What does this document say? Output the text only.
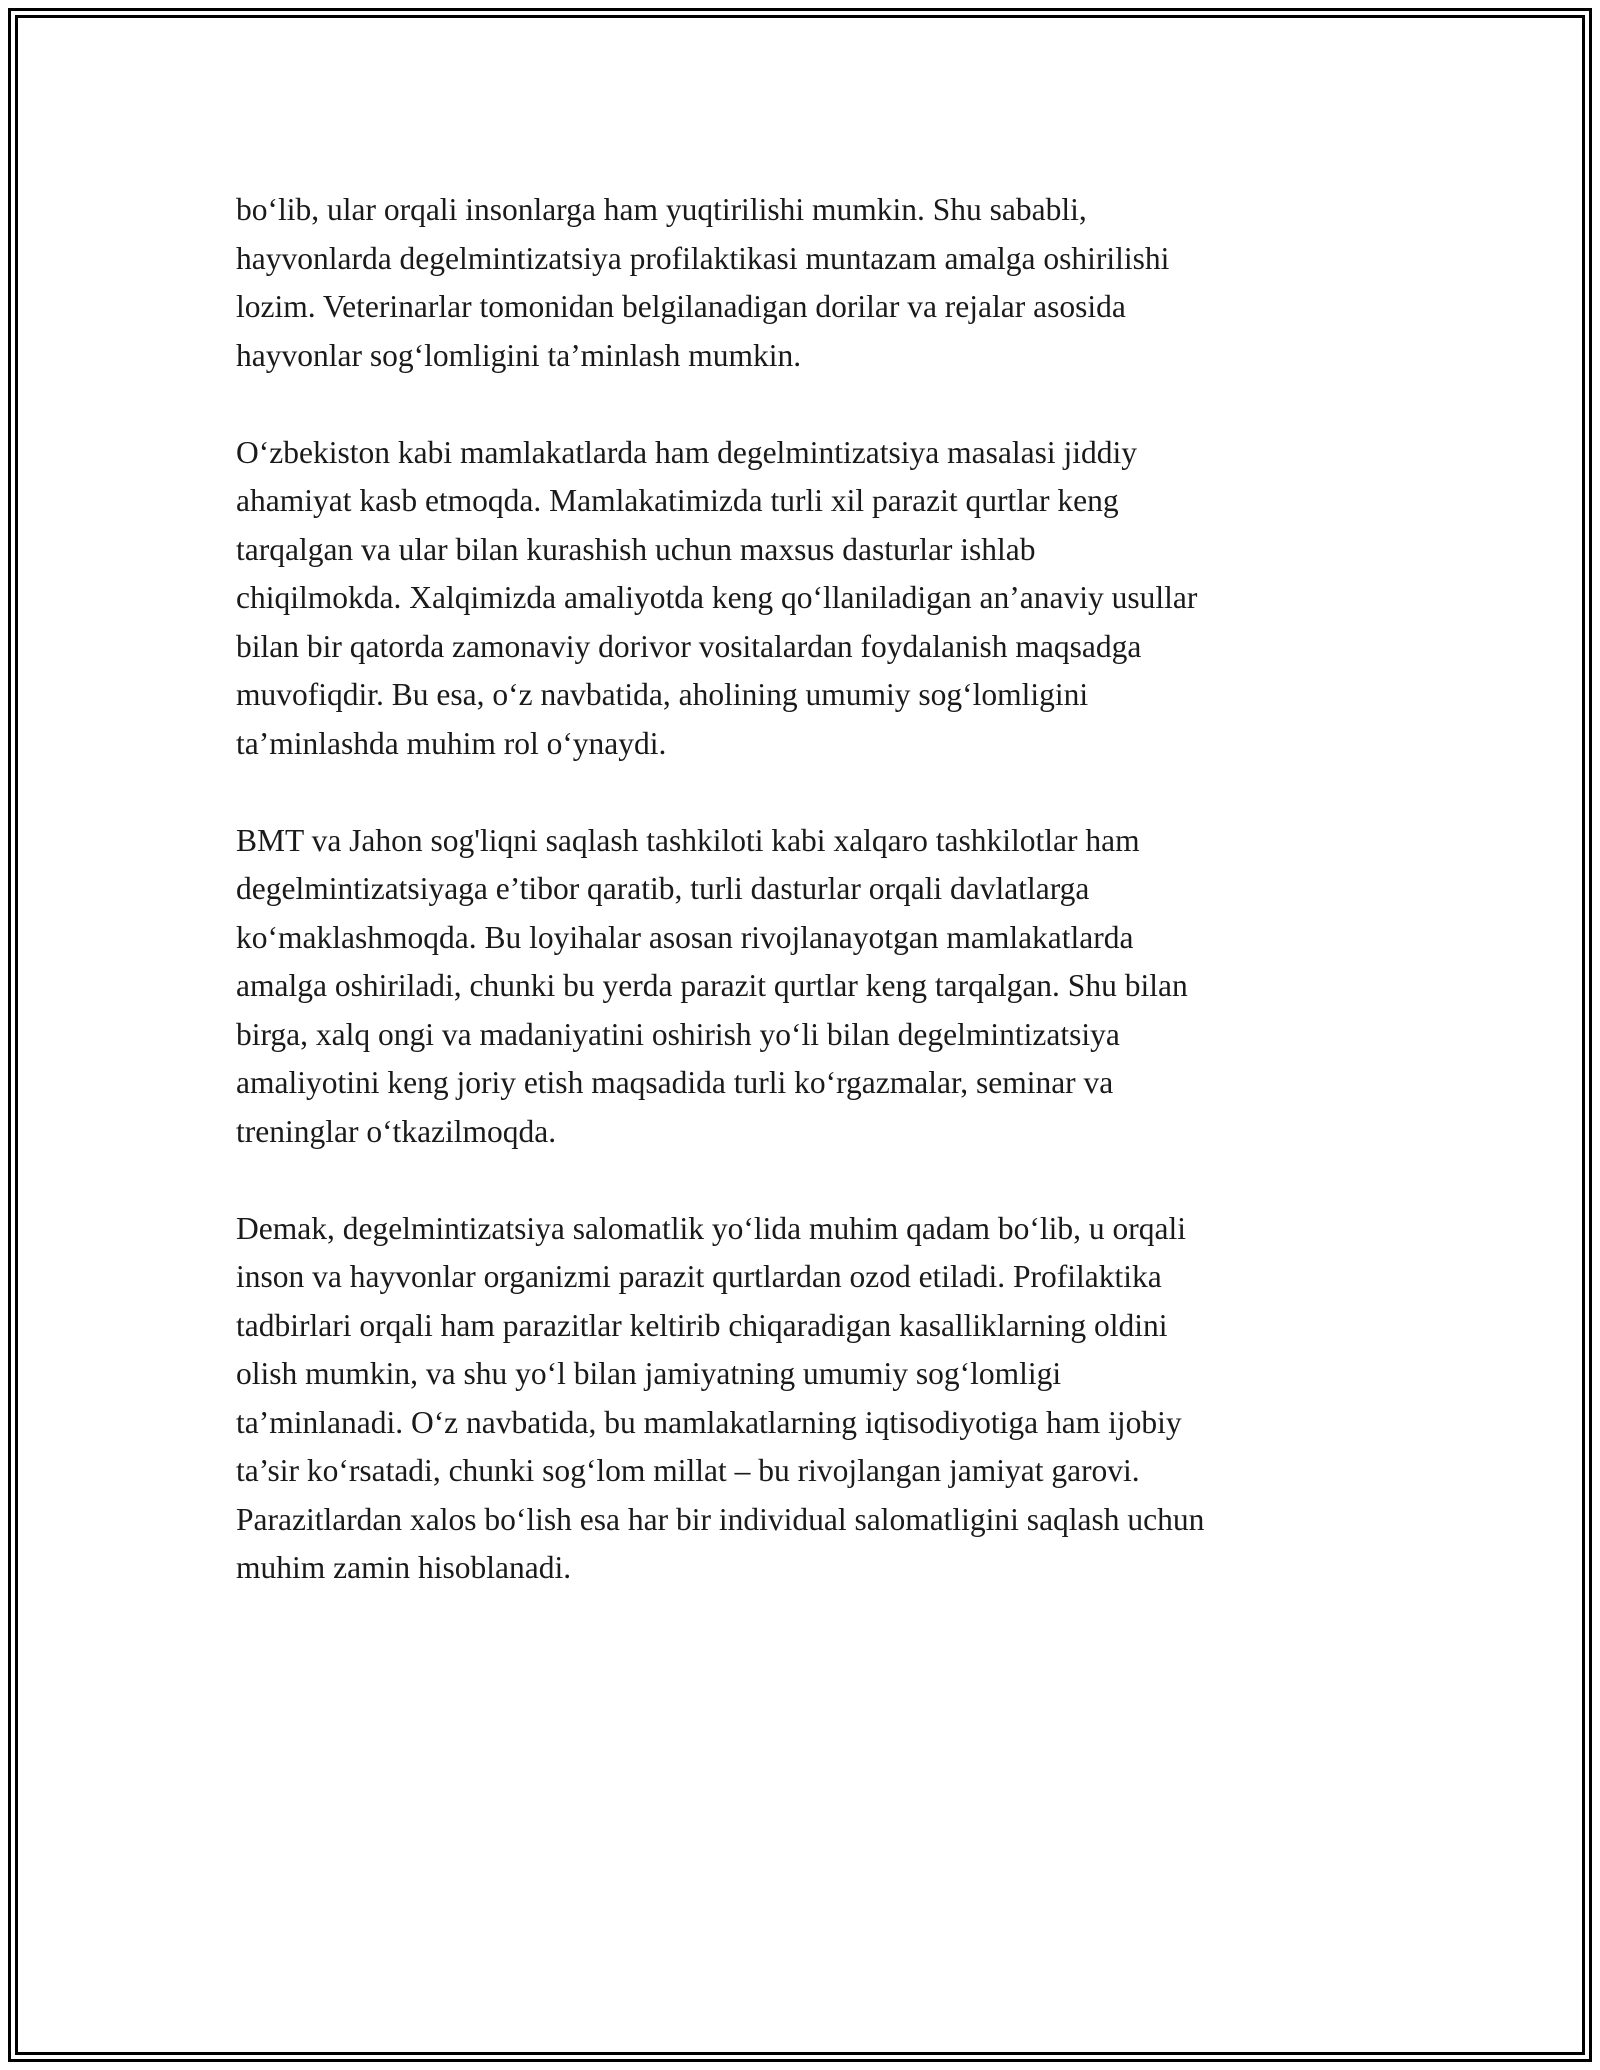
bo‘lib, ular orqali insonlarga ham yuqtirilishi mumkin. Shu sababli,
hayvonlarda degelmintizatsiya profilaktikasi muntazam amalga oshirilishi
lozim. Veterinarlar tomonidan belgilanadigan dorilar va rejalar asosida
hayvonlar sog‘lomligini ta’minlash mumkin.

O‘zbekiston kabi mamlakatlarda ham degelmintizatsiya masalasi jiddiy
ahamiyat kasb etmoqda. Mamlakatimizda turli xil parazit qurtlar keng
tarqalgan va ular bilan kurashish uchun maxsus dasturlar ishlab
chiqilmokda. Xalqimizda amaliyotda keng qo‘llaniladigan an’anaviy usullar
bilan bir qatorda zamonaviy dorivor vositalardan foydalanish maqsadga
muvofiqdir. Bu esa, o‘z navbatida, aholining umumiy sog‘lomligini
ta’minlashda muhim rol o‘ynaydi.

BMT va Jahon sog'liqni saqlash tashkiloti kabi xalqaro tashkilotlar ham
degelmintizatsiyaga e’tibor qaratib, turli dasturlar orqali davlatlarga
ko‘maklashmoqda. Bu loyihalar asosan rivojlanayotgan mamlakatlarda
amalga oshiriladi, chunki bu yerda parazit qurtlar keng tarqalgan. Shu bilan
birga, xalq ongi va madaniyatini oshirish yo‘li bilan degelmintizatsiya
amaliyotini keng joriy etish maqsadida turli ko‘rgazmalar, seminar va
treninglar o‘tkazilmoqda.

Demak, degelmintizatsiya salomatlik yo‘lida muhim qadam bo‘lib, u orqali
inson va hayvonlar organizmi parazit qurtlardan ozod etiladi. Profilaktika
tadbirlari orqali ham parazitlar keltirib chiqaradigan kasalliklarning oldini
olish mumkin, va shu yo‘l bilan jamiyatning umumiy sog‘lomligi
ta’minlanadi. O‘z navbatida, bu mamlakatlarning iqtisodiyotiga ham ijobiy
ta’sir ko‘rsatadi, chunki sog‘lom millat – bu rivojlangan jamiyat garovi.
Parazitlardan xalos bo‘lish esa har bir individual salomatligini saqlash uchun
muhim zamin hisoblanadi.
